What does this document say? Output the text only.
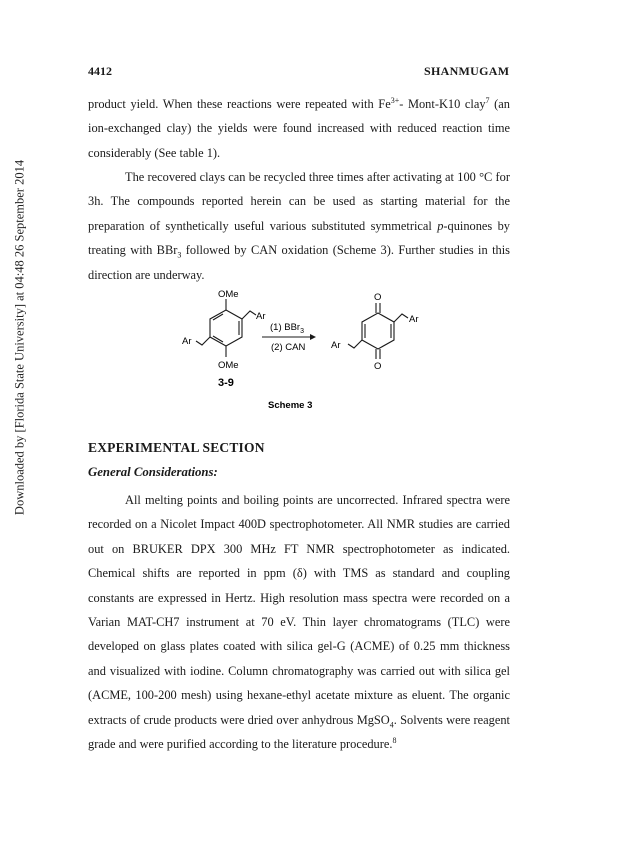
Downloaded by [Florida State University] at 04:48 26 September 2014
4412	SHANMUGAM

product yield. When these reactions were repeated with $Fe^{3+}-$ Mont-K10 clay$^7$ (an ion-exchanged clay) the yields were found increased with reduced reaction time considerably (See table 1).

The recovered clays can be recycled three times after activating at 100 °C for 3h. The compounds reported herein can be used as starting material for the preparation of synthetically useful various substituted symmetrical p-quinones by treating with BBr$_3$ followed by CAN oxidation (Scheme 3). Further studies in this direction are underway.

OMe
OMe
Ar
Ar
3-9
(1) BBr$_3$
(2) CAN
O
O
Ar
Ar
Scheme 3
EXPERIMENTAL SECTION
General Considerations:

All melting points and boiling points are uncorrected. Infrared spectra were recorded on a Nicolet Impact 400D spectrophotometer. All NMR studies are carried out on BRUKER DPX 300 MHz FT NMR spectrophotometer as indicated. Chemical shifts are reported in ppm (δ) with TMS as standard and coupling constants are expressed in Hertz. High resolution mass spectra were recorded on a Varian MAT-CH7 instrument at 70 eV. Thin layer chromatograms (TLC) were developed on glass plates coated with silica gel-G (ACME) of 0.25 mm thickness and visualized with iodine. Column chromatography was carried out with silica gel (ACME, 100-200 mesh) using hexane-ethyl acetate mixture as eluent. The organic extracts of crude products were dried over anhydrous MgSO$_4$. Solvents were reagent grade and were purified according to the literature procedure.$^8$
